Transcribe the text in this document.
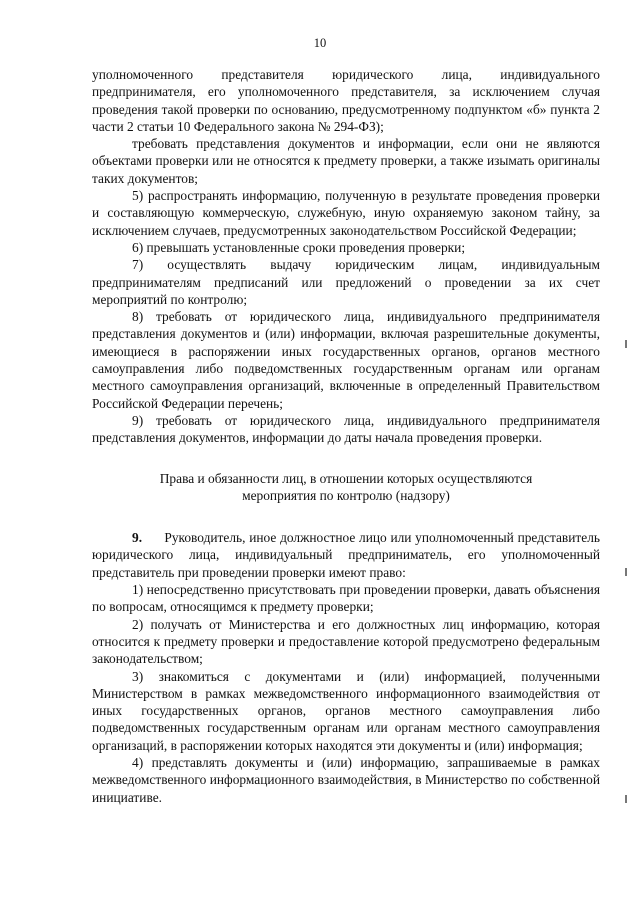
10

уполномоченного представителя юридического лица, индивидуального предпринимателя, его уполномоченного представителя, за исключением случая проведения такой проверки по основанию, предусмотренному подпунктом «б» пункта 2 части 2 статьи 10 Федерального закона № 294-ФЗ);

требовать представления документов и информации, если они не являются объектами проверки или не относятся к предмету проверки, а также изымать оригиналы таких документов;

5) распространять информацию, полученную в результате проведения проверки и составляющую коммерческую, служебную, иную охраняемую законом тайну, за исключением случаев, предусмотренных законодательством Российской Федерации;

6) превышать установленные сроки проведения проверки;

7) осуществлять выдачу юридическим лицам, индивидуальным предпринимателям предписаний или предложений о проведении за их счет мероприятий по контролю;

8) требовать от юридического лица, индивидуального предпринимателя представления документов и (или) информации, включая разрешительные документы, имеющиеся в распоряжении иных государственных органов, органов местного самоуправления либо подведомственных государственным органам или органам местного самоуправления организаций, включенные в определенный Правительством Российской Федерации перечень;

9) требовать от юридического лица, индивидуального предпринимателя представления документов, информации до даты начала проведения проверки.

Права и обязанности лиц, в отношении которых осуществляются
мероприятия по контролю (надзору)

9. Руководитель, иное должностное лицо или уполномоченный представитель юридического лица, индивидуальный предприниматель, его уполномоченный представитель при проведении проверки имеют право:

1) непосредственно присутствовать при проведении проверки, давать объяснения по вопросам, относящимся к предмету проверки;

2) получать от Министерства и его должностных лиц информацию, которая относится к предмету проверки и предоставление которой предусмотрено федеральным законодательством;

3) знакомиться с документами и (или) информацией, полученными Министерством в рамках межведомственного информационного взаимодействия от иных государственных органов, органов местного самоуправления либо подведомственных государственным органам или органам местного самоуправления организаций, в распоряжении которых находятся эти документы и (или) информация;

4) представлять документы и (или) информацию, запрашиваемые в рамках межведомственного информационного взаимодействия, в Министерство по собственной инициативе.
